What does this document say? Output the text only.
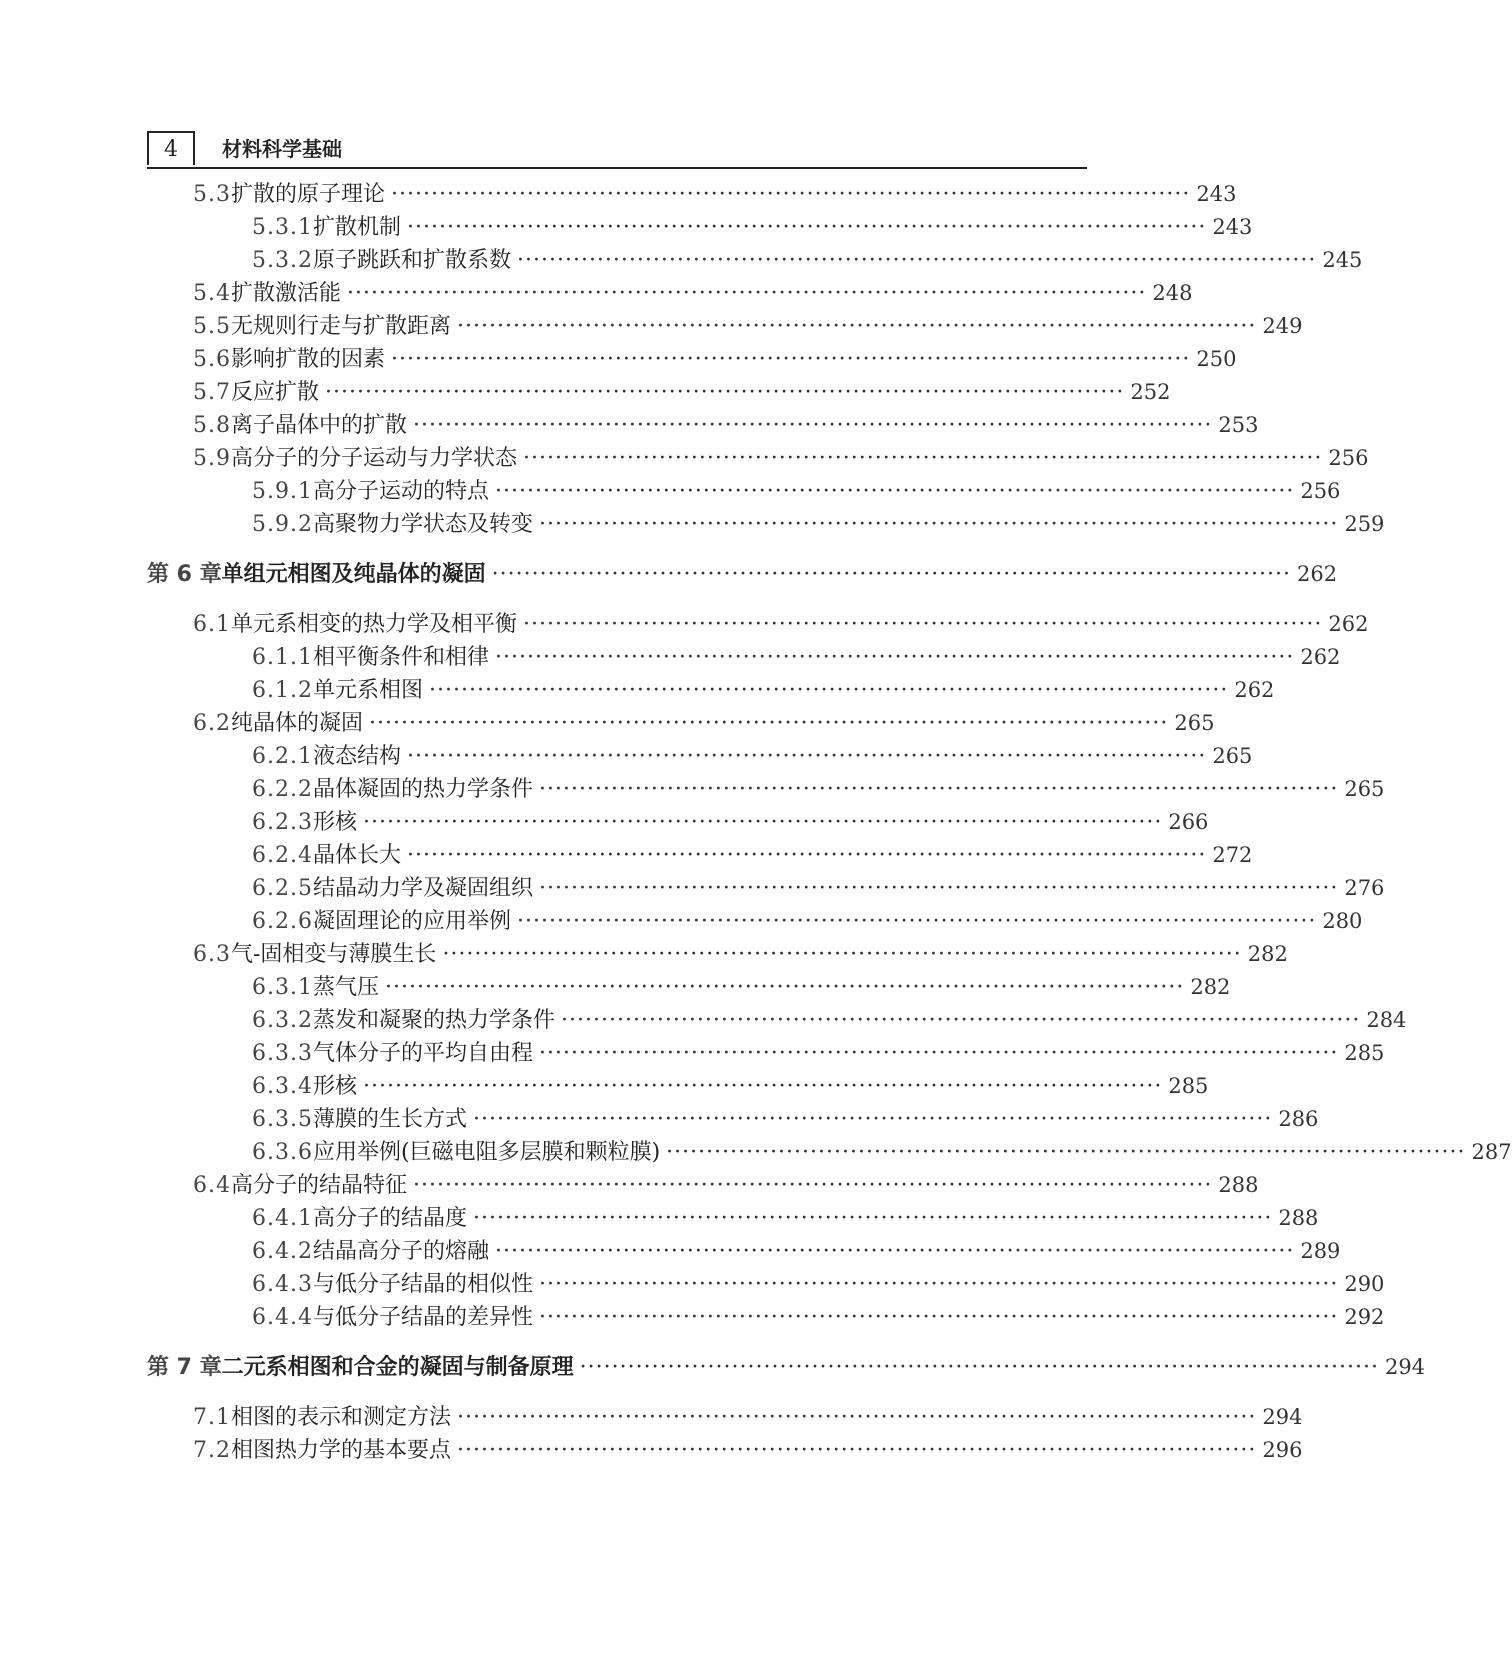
4	材料科学基础
5.3 扩散的原子理论 ···································································································· 243
5.3.1 扩散机制 ···································································································· 243
5.3.2 原子跳跃和扩散系数 ···································································································· 245
5.4 扩散激活能 ···································································································· 248
5.5 无规则行走与扩散距离 ···································································································· 249
5.6 影响扩散的因素 ···································································································· 250
5.7 反应扩散 ···································································································· 252
5.8 离子晶体中的扩散 ···································································································· 253
5.9 高分子的分子运动与力学状态 ···································································································· 256
5.9.1 高分子运动的特点 ···································································································· 256
5.9.2 高聚物力学状态及转变 ···································································································· 259
第 6 章 单组元相图及纯晶体的凝固 ···································································································· 262
6.1 单元系相变的热力学及相平衡 ···································································································· 262
6.1.1 相平衡条件和相律 ···································································································· 262
6.1.2 单元系相图 ···································································································· 262
6.2 纯晶体的凝固 ···································································································· 265
6.2.1 液态结构 ···································································································· 265
6.2.2 晶体凝固的热力学条件 ···································································································· 265
6.2.3 形核 ···································································································· 266
6.2.4 晶体长大 ···································································································· 272
6.2.5 结晶动力学及凝固组织 ···································································································· 276
6.2.6 凝固理论的应用举例 ···································································································· 280
6.3 气-固相变与薄膜生长 ···································································································· 282
6.3.1 蒸气压 ···································································································· 282
6.3.2 蒸发和凝聚的热力学条件 ···································································································· 284
6.3.3 气体分子的平均自由程 ···································································································· 285
6.3.4 形核 ···································································································· 285
6.3.5 薄膜的生长方式 ···································································································· 286
6.3.6 应用举例(巨磁电阻多层膜和颗粒膜) ···································································································· 287
6.4 高分子的结晶特征 ···································································································· 288
6.4.1 高分子的结晶度 ···································································································· 288
6.4.2 结晶高分子的熔融 ···································································································· 289
6.4.3 与低分子结晶的相似性 ···································································································· 290
6.4.4 与低分子结晶的差异性 ···································································································· 292
第 7 章 二元系相图和合金的凝固与制备原理 ···································································································· 294
7.1 相图的表示和测定方法 ···································································································· 294
7.2 相图热力学的基本要点 ···································································································· 296
